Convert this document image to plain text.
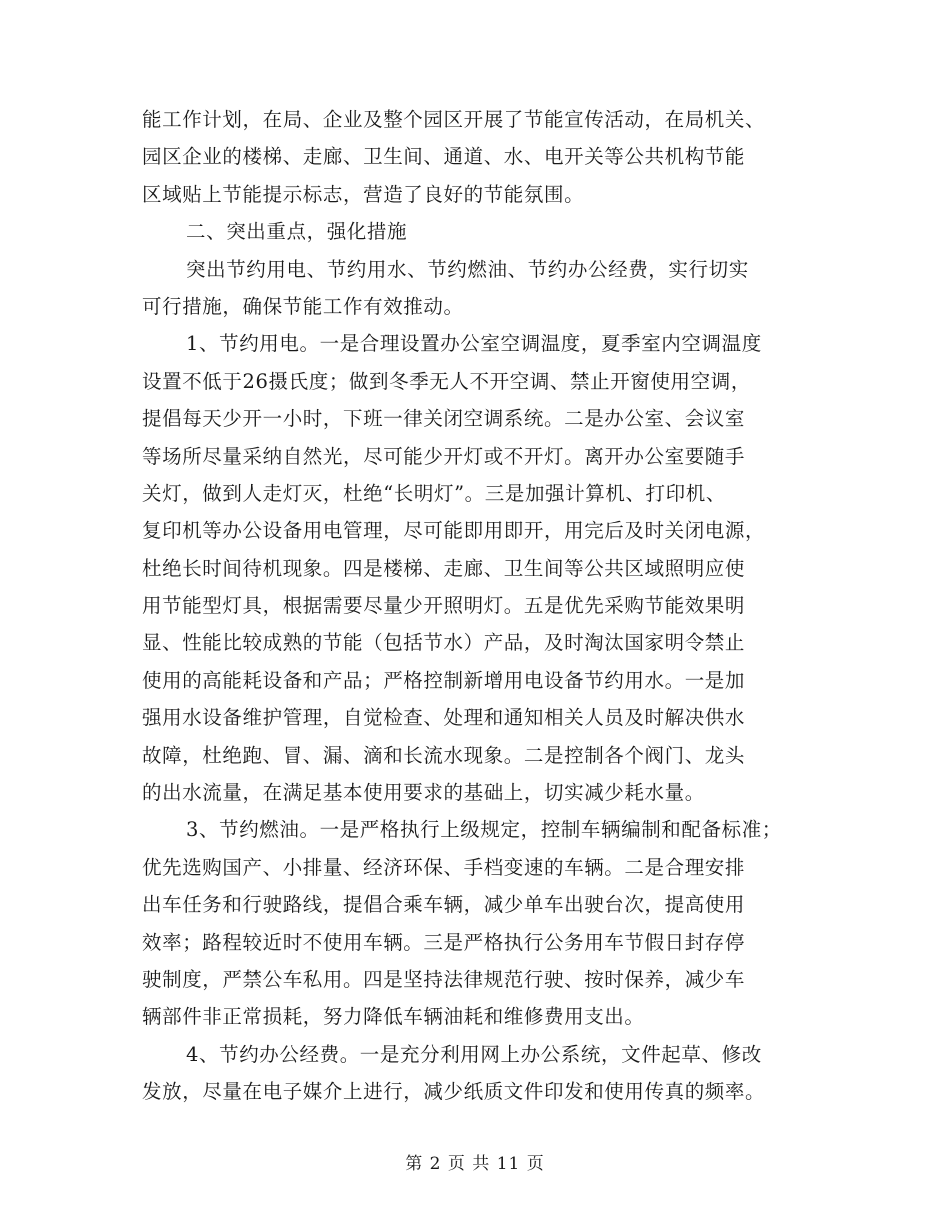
能工作计划，在局、企业及整个园区开展了节能宣传活动，在局机关、
园区企业的楼梯、走廊、卫生间、通道、水、电开关等公共机构节能
区域贴上节能提示标志，营造了良好的节能氛围。
二、突出重点，强化措施
突出节约用电、节约用水、节约燃油、节约办公经费，实行切实
可行措施，确保节能工作有效推动。
1、节约用电。一是合理设置办公室空调温度，夏季室内空调温度
设置不低于26摄氏度；做到冬季无人不开空调、禁止开窗使用空调，
提倡每天少开一小时，下班一律关闭空调系统。二是办公室、会议室
等场所尽量采纳自然光，尽可能少开灯或不开灯。离开办公室要随手
关灯，做到人走灯灭，杜绝“长明灯”。三是加强计算机、打印机、
复印机等办公设备用电管理，尽可能即用即开，用完后及时关闭电源，
杜绝长时间待机现象。四是楼梯、走廊、卫生间等公共区域照明应使
用节能型灯具，根据需要尽量少开照明灯。五是优先采购节能效果明
显、性能比较成熟的节能（包括节水）产品，及时淘汰国家明令禁止
使用的高能耗设备和产品；严格控制新增用电设备节约用水。一是加
强用水设备维护管理，自觉检查、处理和通知相关人员及时解决供水
故障，杜绝跑、冒、漏、滴和长流水现象。二是控制各个阀门、龙头
的出水流量，在满足基本使用要求的基础上，切实减少耗水量。
3、节约燃油。一是严格执行上级规定，控制车辆编制和配备标准；
优先选购国产、小排量、经济环保、手档变速的车辆。二是合理安排
出车任务和行驶路线，提倡合乘车辆，减少单车出驶台次，提高使用
效率；路程较近时不使用车辆。三是严格执行公务用车节假日封存停
驶制度，严禁公车私用。四是坚持法律规范行驶、按时保养，减少车
辆部件非正常损耗，努力降低车辆油耗和维修费用支出。
4、节约办公经费。一是充分利用网上办公系统，文件起草、修改
发放，尽量在电子媒介上进行，减少纸质文件印发和使用传真的频率。
第 2 页 共 11 页
